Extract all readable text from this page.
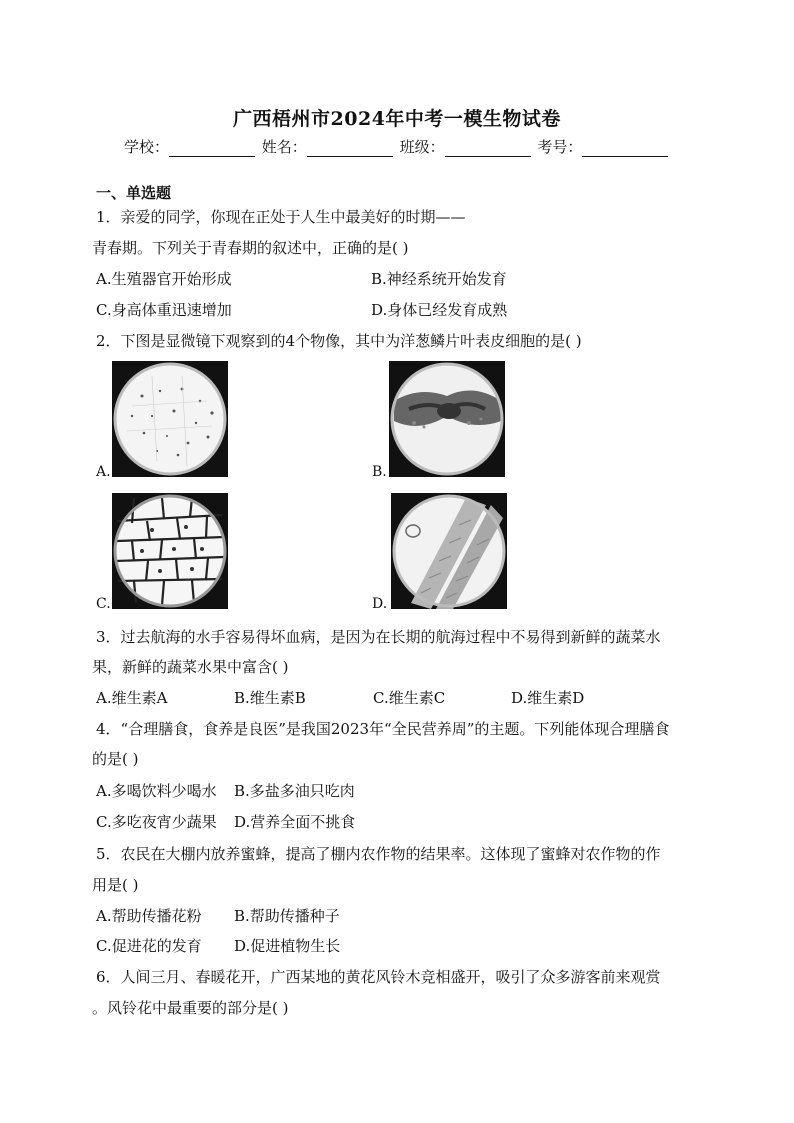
广西梧州市2024年中考一模生物试卷
学校：	姓名：	班级：	考号：
一、单选题
1．亲爱的同学，你现在正处于人生中最美好的时期——
青春期。下列关于青春期的叙述中，正确的是( )
A.生殖器官开始形成	B.神经系统开始发育
C.身高体重迅速增加	D.身体已经发育成熟
2．下图是显微镜下观察到的4个物像，其中为洋葱鳞片叶表皮细胞的是( )
A.	B.
C.	D.
3．过去航海的水手容易得坏血病，是因为在长期的航海过程中不易得到新鲜的蔬菜水
果，新鲜的蔬菜水果中富含( )
A.维生素A	B.维生素B	C.维生素C	D.维生素D
4．“合理膳食，食养是良医”是我国2023年“全民营养周”的主题。下列能体现合理膳食
的是( )
A.多喝饮料少喝水 B.多盐多油只吃肉
C.多吃夜宵少蔬果 D.营养全面不挑食
5．农民在大棚内放养蜜蜂，提高了棚内农作物的结果率。这体现了蜜蜂对农作物的作
用是( )
A.帮助传播花粉 B.帮助传播种子
C.促进花的发育 D.促进植物生长
6．人间三月、春暖花开，广西某地的黄花风铃木竞相盛开，吸引了众多游客前来观赏
。风铃花中最重要的部分是( )
